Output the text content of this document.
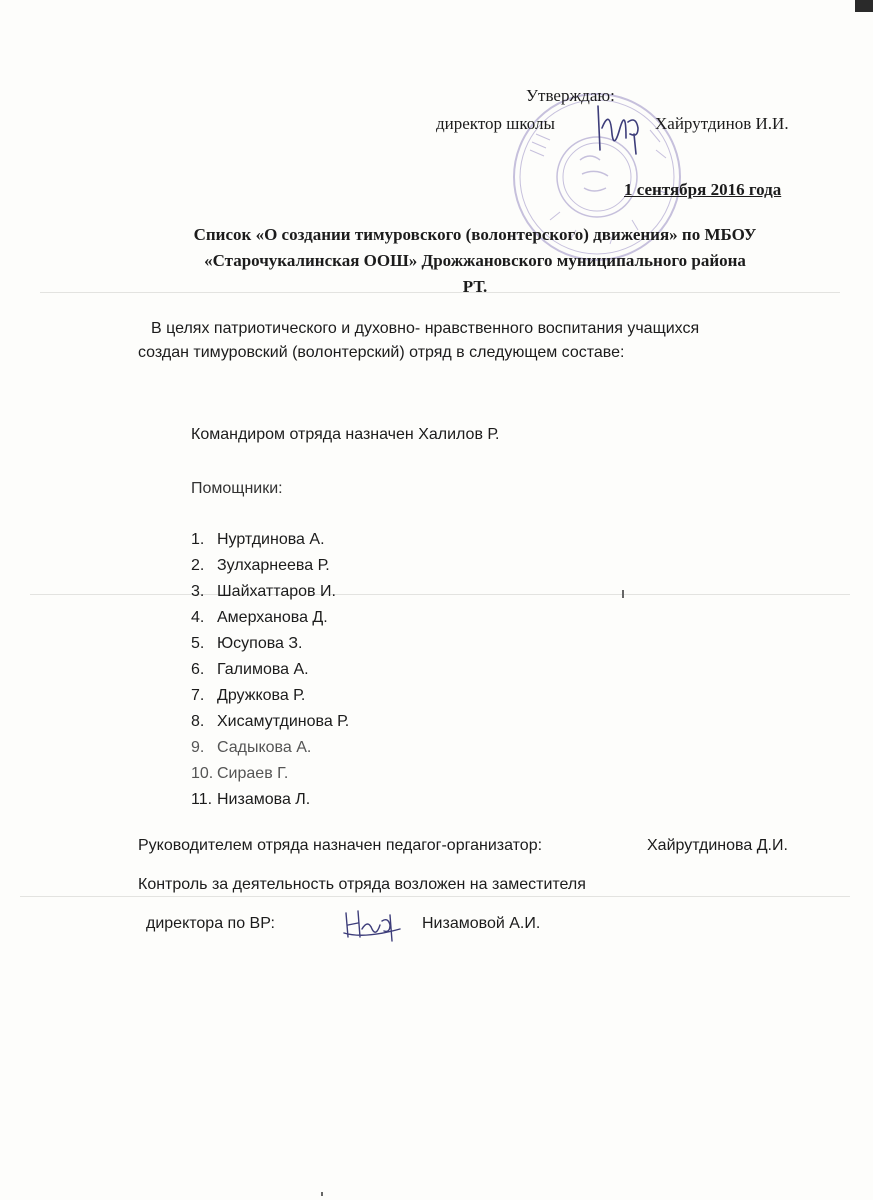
Утверждаю:
директор школы	Хайрутдинов И.И.
1 сентября 2016 года
Список «О создании тимуровского (волонтерского) движения» по МБОУ
«Старочукалинская ООШ» Дрожжановского муниципального района
РТ.
В целях патриотического и духовно- нравственного воспитания учащихся
создан тимуровский (волонтерский) отряд в следующем составе:
Командиром отряда назначен Халилов Р.
Помощники:
1. Нуртдинова А.
2. Зулхарнеева Р.
3. Шайхаттаров И.
4. Амерханова Д.
5. Юсупова З.
6. Галимова А.
7. Дружкова Р.
8. Хисамутдинова Р.
9. Садыкова А.
10. Сираев Г.
11. Низамова Л.
Руководителем отряда назначен педагог-организатор:	Хайрутдинова Д.И.
Контроль за деятельность отряда возложен на заместителя
директора по ВР:	Низамовой А.И.
